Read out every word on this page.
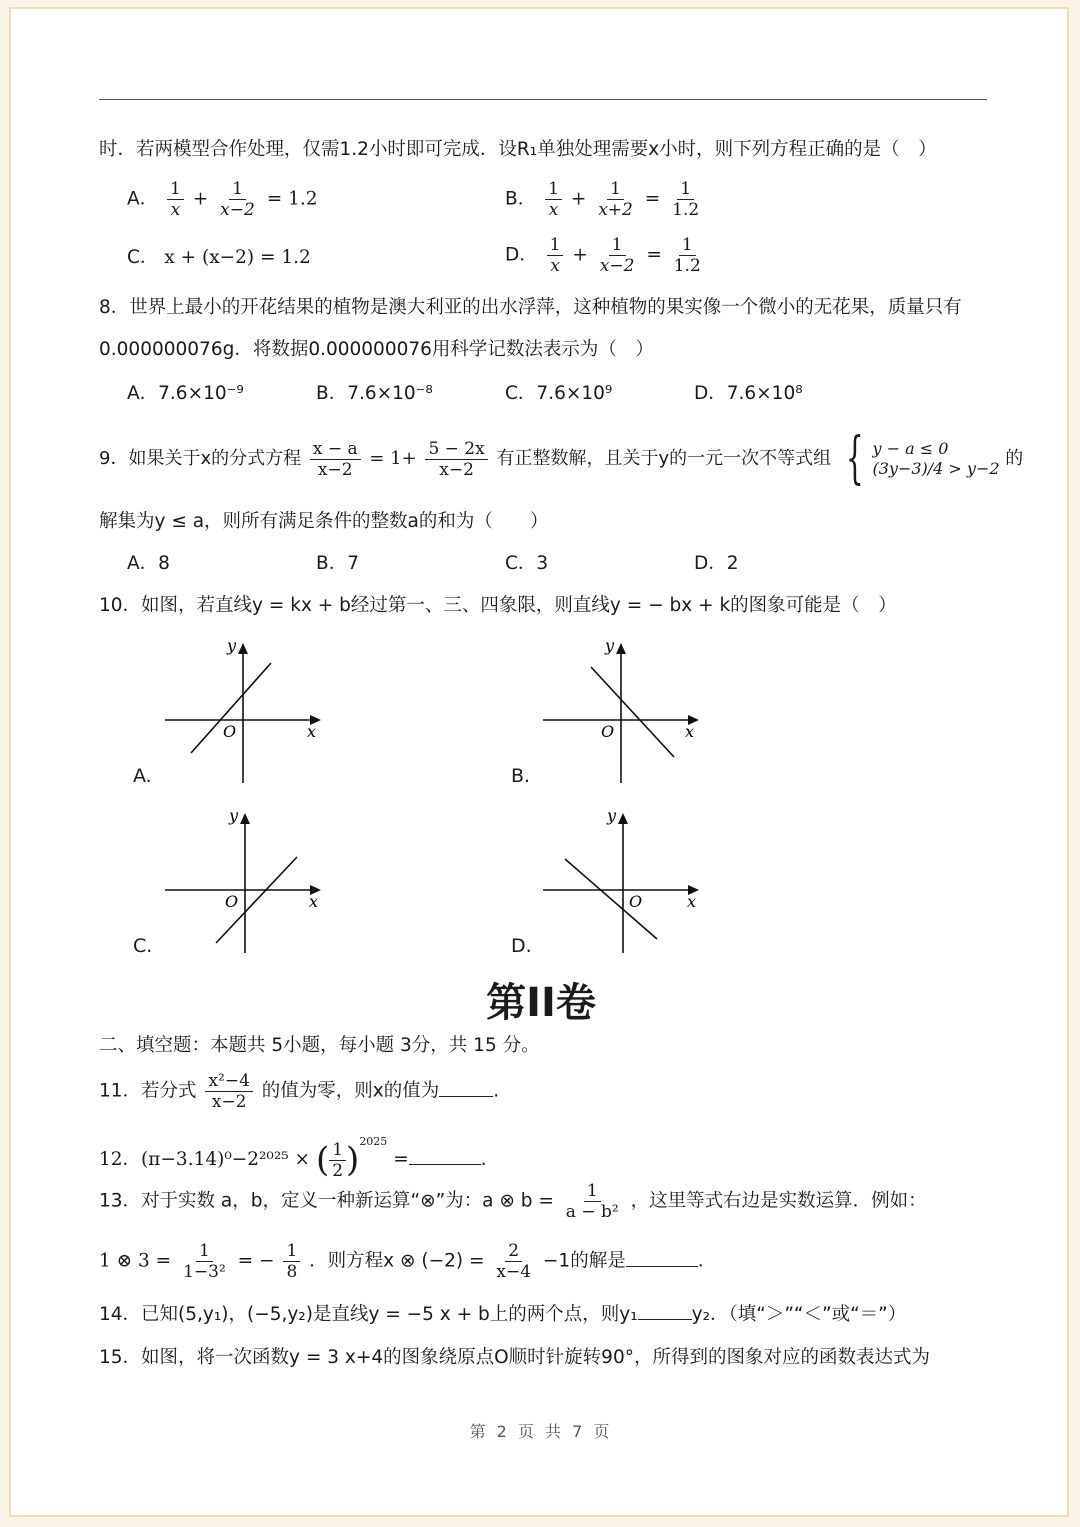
时．若两模型合作处理，仅需1.2小时即可完成．设R₁单独处理需要x小时，则下列方程正确的是（　）
A． $\frac{1}{x} + \frac{1}{x-2} = 1.2$	B． $\frac{1}{x} + \frac{1}{x+2} = \frac{1}{1.2}$
C． x + (x−2) = 1.2	D． $\frac{1}{x} + \frac{1}{x-2} = \frac{1}{1.2}$
8．世界上最小的开花结果的植物是澳大利亚的出水浮萍，这种植物的果实像一个微小的无花果，质量只有
0.000000076g．将数据0.000000076用科学记数法表示为（　）
A．7.6×10⁻⁹	B．7.6×10⁻⁸	C．7.6×10⁹	D．7.6×10⁸
9．如果关于x的分式方程 $\frac{x - a}{x-2} = 1+ \frac{5 - 2x}{x-2}$ 有正整数解，且关于y的一元一次不等式组 { y − a ≤ 0
(3y−3)/4 > y−2 的
解集为y ≤ a，则所有满足条件的整数a的和为（　　）
A．8	B．7	C．3	D．2
10．如图，若直线y = kx + b经过第一、三、四象限，则直线y = − bx + k的图象可能是（　）
y
O	x
A.
y
O	x
B.
y
O	x
C.
y
O	x
D.
第II卷
二、填空题：本题共 5小题，每小题 3分，共 15 分。
11．若分式 $\frac{\text{x²−4}}{x-2}$ 的值为零，则x的值为	.
12．(π−3.14)⁰−2²⁰²⁵ × ( $\frac{1}{2} )^{2025}$ =	.
13．对于实数 a，b，定义一种新运算“⊗”为：a ⊗ $b = \frac{1}{\text{a − b²}}$ ，这里等式右边是实数运算．例如：
1 ⊗ $3 = \frac{1}{\text{1−3²}}$ = − $\frac{1}{8}$ ．则方程x ⊗ $(-2) = \frac{2}{x-4} -1$的解是	.
14．已知(5,y₁)，(−5,y₂)是直线y = −5 x + b上的两个点，则y₁	y₂．（填“＞”“＜”或“＝”）
15．如图，将一次函数y = 3 x+4的图象绕原点O顺时针旋转90°，所得到的图象对应的函数表达式为
第 2 页 共 7 页
